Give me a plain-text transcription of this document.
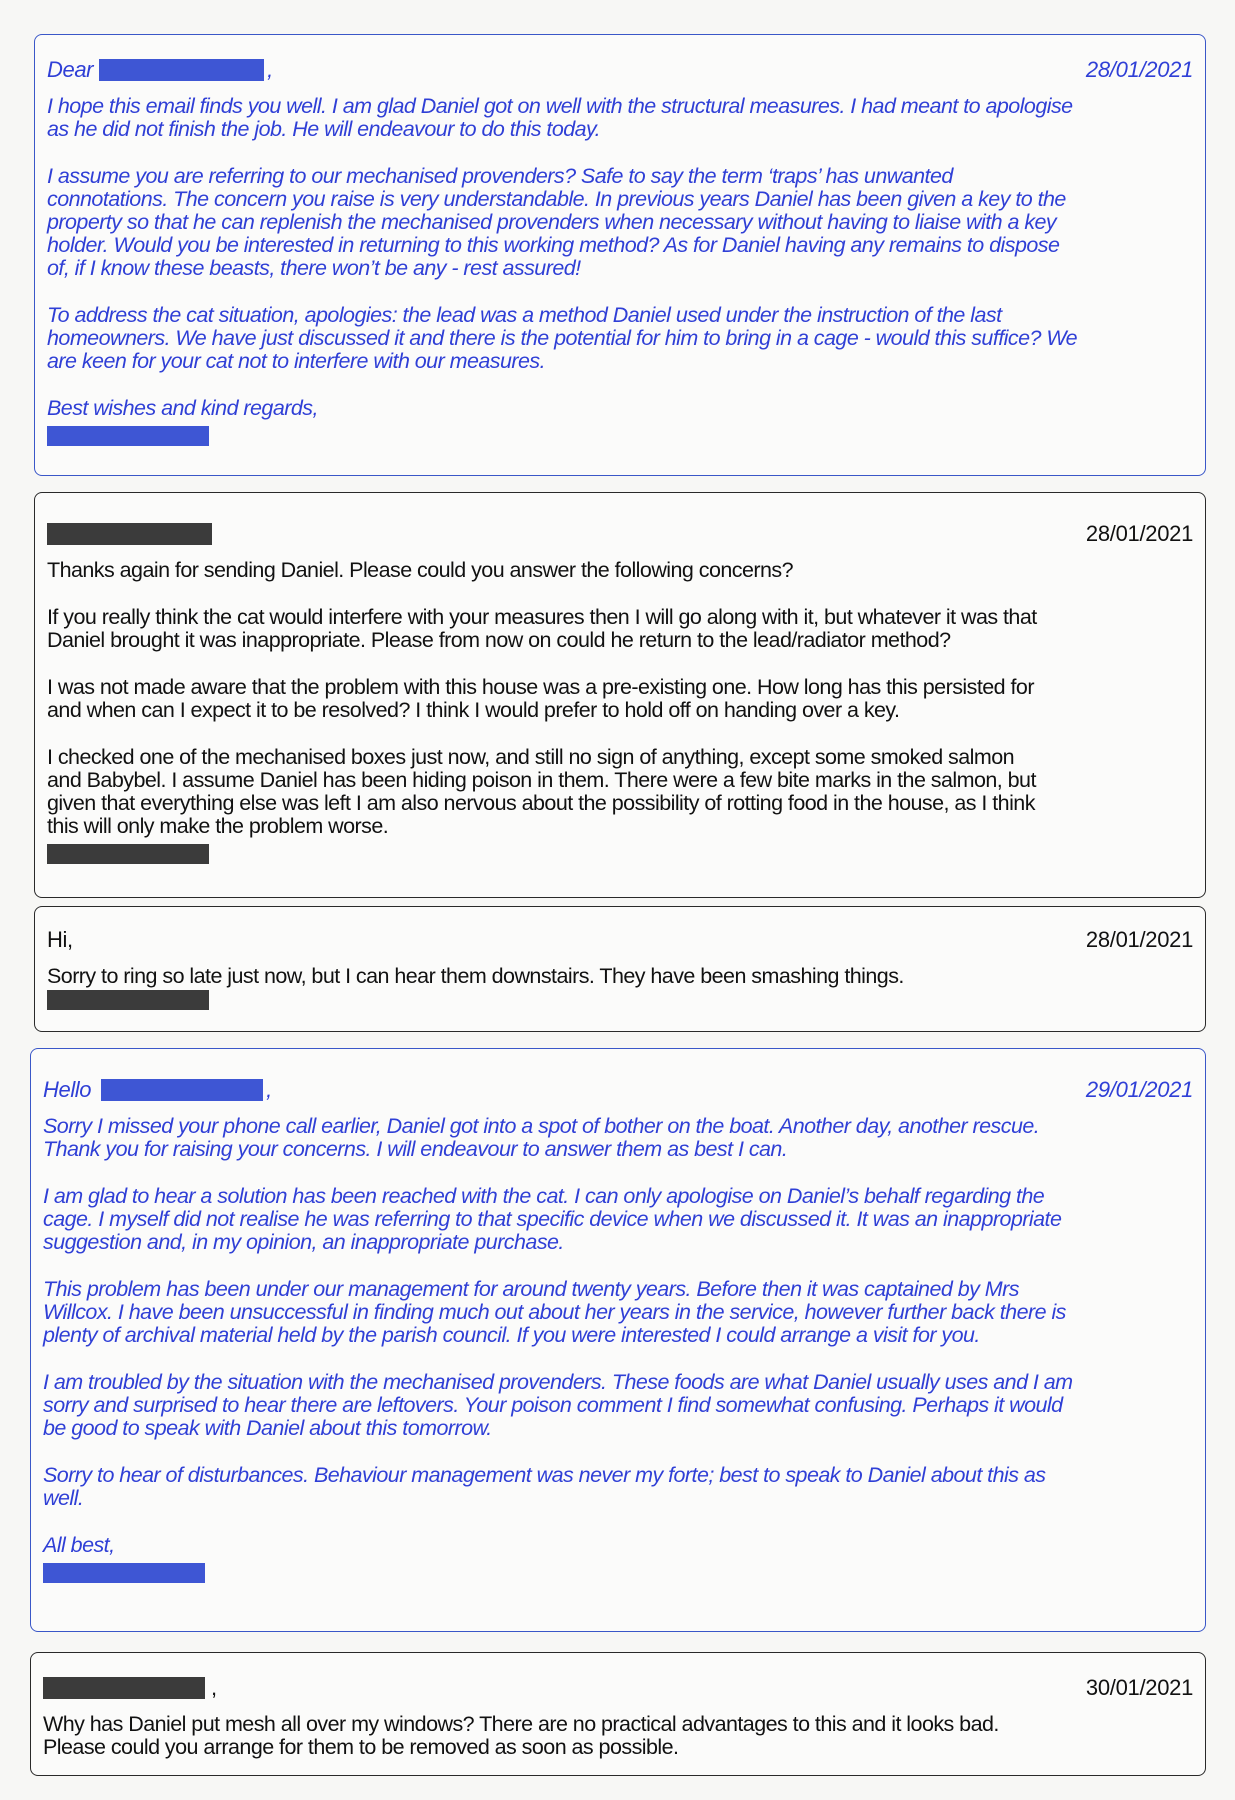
Dear	,	28/01/2021

I hope this email finds you well. I am glad Daniel got on well with the structural measures. I had meant to apologise
as he did not finish the job. He will endeavour to do this today.

I assume you are referring to our mechanised provenders? Safe to say the term ‘traps’ has unwanted
connotations. The concern you raise is very understandable. In previous years Daniel has been given a key to the
property so that he can replenish the mechanised provenders when necessary without having to liaise with a key
holder. Would you be interested in returning to this working method? As for Daniel having any remains to dispose
of, if I know these beasts, there won’t be any - rest assured!

To address the cat situation, apologies: the lead was a method Daniel used under the instruction of the last
homeowners. We have just discussed it and there is the potential for him to bring in a cage - would this suffice? We
are keen for your cat not to interfere with our measures.

Best wishes and kind regards,

28/01/2021

Thanks again for sending Daniel. Please could you answer the following concerns?

If you really think the cat would interfere with your measures then I will go along with it, but whatever it was that
Daniel brought it was inappropriate. Please from now on could he return to the lead/radiator method?

I was not made aware that the problem with this house was a pre-existing one. How long has this persisted for
and when can I expect it to be resolved? I think I would prefer to hold off on handing over a key.

I checked one of the mechanised boxes just now, and still no sign of anything, except some smoked salmon
and Babybel. I assume Daniel has been hiding poison in them. There were a few bite marks in the salmon, but
given that everything else was left I am also nervous about the possibility of rotting food in the house, as I think
this will only make the problem worse.

Hi,	28/01/2021

Sorry to ring so late just now, but I can hear them downstairs. They have been smashing things.

Hello	,	29/01/2021

Sorry I missed your phone call earlier, Daniel got into a spot of bother on the boat. Another day, another rescue.
Thank you for raising your concerns. I will endeavour to answer them as best I can.

I am glad to hear a solution has been reached with the cat. I can only apologise on Daniel’s behalf regarding the
cage. I myself did not realise he was referring to that specific device when we discussed it. It was an inappropriate
suggestion and, in my opinion, an inappropriate purchase.

This problem has been under our management for around twenty years. Before then it was captained by Mrs
Willcox. I have been unsuccessful in finding much out about her years in the service, however further back there is
plenty of archival material held by the parish council. If you were interested I could arrange a visit for you.

I am troubled by the situation with the mechanised provenders. These foods are what Daniel usually uses and I am
sorry and surprised to hear there are leftovers. Your poison comment I find somewhat confusing. Perhaps it would
be good to speak with Daniel about this tomorrow.

Sorry to hear of disturbances. Behaviour management was never my forte; best to speak to Daniel about this as
well.

All best,

,	30/01/2021

Why has Daniel put mesh all over my windows? There are no practical advantages to this and it looks bad.
Please could you arrange for them to be removed as soon as possible.
